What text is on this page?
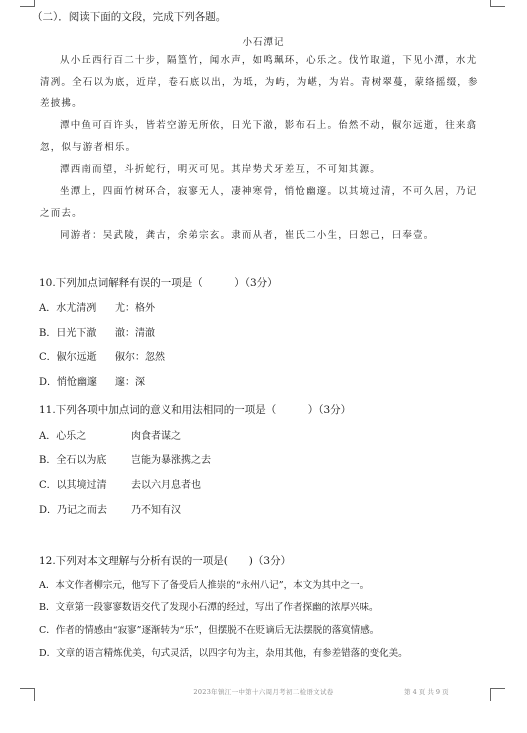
（二）．阅读下面的文段，完成下列各题。
小石潭记
从小丘西行百二十步，隔篁竹，闻水声，如鸣珮环，心乐之。伐竹取道，下见小潭，水尤清冽。全石以为底，近岸，卷石底以出，为坻，为屿，为嵁，为岩。青树翠蔓，蒙络摇缀，参差披拂。
潭中鱼可百许头，皆若空游无所依，日光下澈，影布石上。佁然不动，俶尔远逝，往来翕忽，似与游者相乐。
潭西南而望，斗折蛇行，明灭可见。其岸势犬牙差互，不可知其源。
坐潭上，四面竹树环合，寂寥无人，凄神寒骨，悄怆幽邃。以其境过清，不可久居，乃记之而去。
同游者：吴武陵，龚古，余弟宗玄。隶而从者，崔氏二小生，曰恕己，曰奉壹。
10.下列加点词解释有误的一项是（　　　）（3分）
A．水尤清冽 尤：格外
B．日光下澈 澈：清澈
C．俶尔远逝 俶尔：忽然
D．悄怆幽邃 邃：深
11.下列各项中加点词的意义和用法相同的一项是（　　　）（3分）
A．心乐之	肉食者谋之
B．全石以为底 岂能为暴涨携之去
C．以其境过清 去以六月息者也
D．乃记之而去 乃不知有汉
12.下列对本文理解与分析有误的一项是(　　)（3分）
A．本文作者柳宗元，他写下了备受后人推崇的“永州八记”，本文为其中之一。
B．文章第一段寥寥数语交代了发现小石潭的经过，写出了作者探幽的浓厚兴味。
C．作者的情感由“寂寥”逐渐转为“乐”，但摆脱不在贬谪后无法摆脱的落寞情感。
D．文章的语言精炼优美，句式灵活，以四字句为主，杂用其他，有参差错落的变化美。
2023年镇江一中第十六周月考初二检语文试卷	第 4 页 共 9 页
